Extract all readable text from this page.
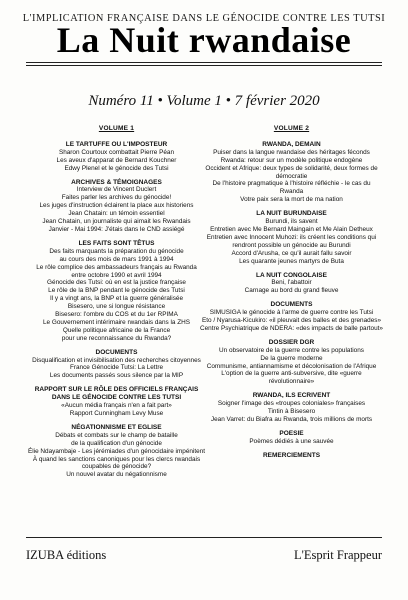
L'IMPLICATION FRANÇAISE DANS LE GÉNOCIDE CONTRE LES TUTSI
La Nuit rwandaise
Numéro 11 • Volume 1 • 7 février 2020
VOLUME 1
LE TARTUFFE OU L'IMPOSTEUR
Sharon Courtoux combattait Pierre Péan
Les aveux d'apparat de Bernard Kouchner
Edwy Plenel et le génocide des Tutsi
ARCHIVES & TÉMOIGNAGES
Interview de Vincent Duclert
Faites parler les archives du génocide!
Les juges d'instruction éclairent la place aux historiens
Jean Chatain: un témoin essentiel
Jean Chatain, un journaliste qui aimait les Rwandais
Janvier - Mai 1994: J'étais dans le CND assiégé
LES FAITS SONT TÊTUS
Des faits marquants la préparation du génocide
au cours des mois de mars 1991 à 1994
Le rôle complice des ambassadeurs français au Rwanda
entre octobre 1990 et avril 1994
Génocide des Tutsi: où en est la justice française
Le rôle de la BNP pendant le génocide des Tutsi
Il y a vingt ans, la BNP et la guerre généralisée
Bisesero, une si longue résistance
Bisesero: l'ombre du COS et du 1er RPIMA
Le Gouvernement intérimaire rwandais dans la ZHS
Quelle politique africaine de la France
pour une reconnaissance du Rwanda?
DOCUMENTS
Disqualification et invisibilisation des recherches citoyennes
France Génocide Tutsi: La Lettre
Les documents passés sous silence par la MIP
RAPPORT SUR LE RÔLE DES OFFICIELS FRANÇAIS DANS LE GÉNOCIDE CONTRE LES TUTSI
«Aucun média français n'en a fait part»
Rapport Cunningham Levy Muse
NÉGATIONNISME ET EGLISE
Débats et combats sur le champ de bataille
de la qualification d'un génocide
Élie Ndayambaje - Les jérémiades d'un génocidaire impénitent
À quand les sanctions canoniques pour les clercs rwandais
coupables de génocide?
Un nouvel avatar du négationnisme
VOLUME 2
RWANDA, DEMAIN
Puiser dans la langue rwandaise des héritages féconds
Rwanda: retour sur un modèle politique endogène
Occident et Afrique: deux types de solidarité, deux formes de démocratie
De l'histoire pragmatique à l'histoire réfléchie - le cas du Rwanda
Votre paix sera la mort de ma nation
LA NUIT BURUNDAISE
Burundi, ils savent
Entretien avec Me Bernard Maingain et Me Alain Detheux
Entretien avec Innocent Muhozi: ils créent les conditions qui
rendront possible un génocide au Burundi
Accord d'Arusha, ce qu'il aurait fallu savoir
Les quarante jeunes martyrs de Buta
LA NUIT CONGOLAISE
Beni, l'abattoir
Carnage au bord du grand fleuve
DOCUMENTS
SIMUSIGA le génocide à l'arme de guerre contre les Tutsi
Eto / Nyarusa-Kicukiro: «il pleuvait des balles et des grenades»
Centre Psychiatrique de NDERA: «des impacts de balle partout»
DOSSIER DGR
Un observatoire de la guerre contre les populations
De la guerre moderne
Communisme, antiannamisme et décolonisation de l'Afrique
L'option de la guerre anti-subversive, dite «guerre révolutionnaire»
RWANDA, ILS ECRIVENT
Soigner l'image des «troupes coloniales» françaises
Tintin à Bisesero
Jean Varret: du Biafra au Rwanda, trois millions de morts
POESIE
Poèmes dédiés à une sauvée
REMERCIEMENTS
IZUBA éditions	L'Esprit Frappeur
